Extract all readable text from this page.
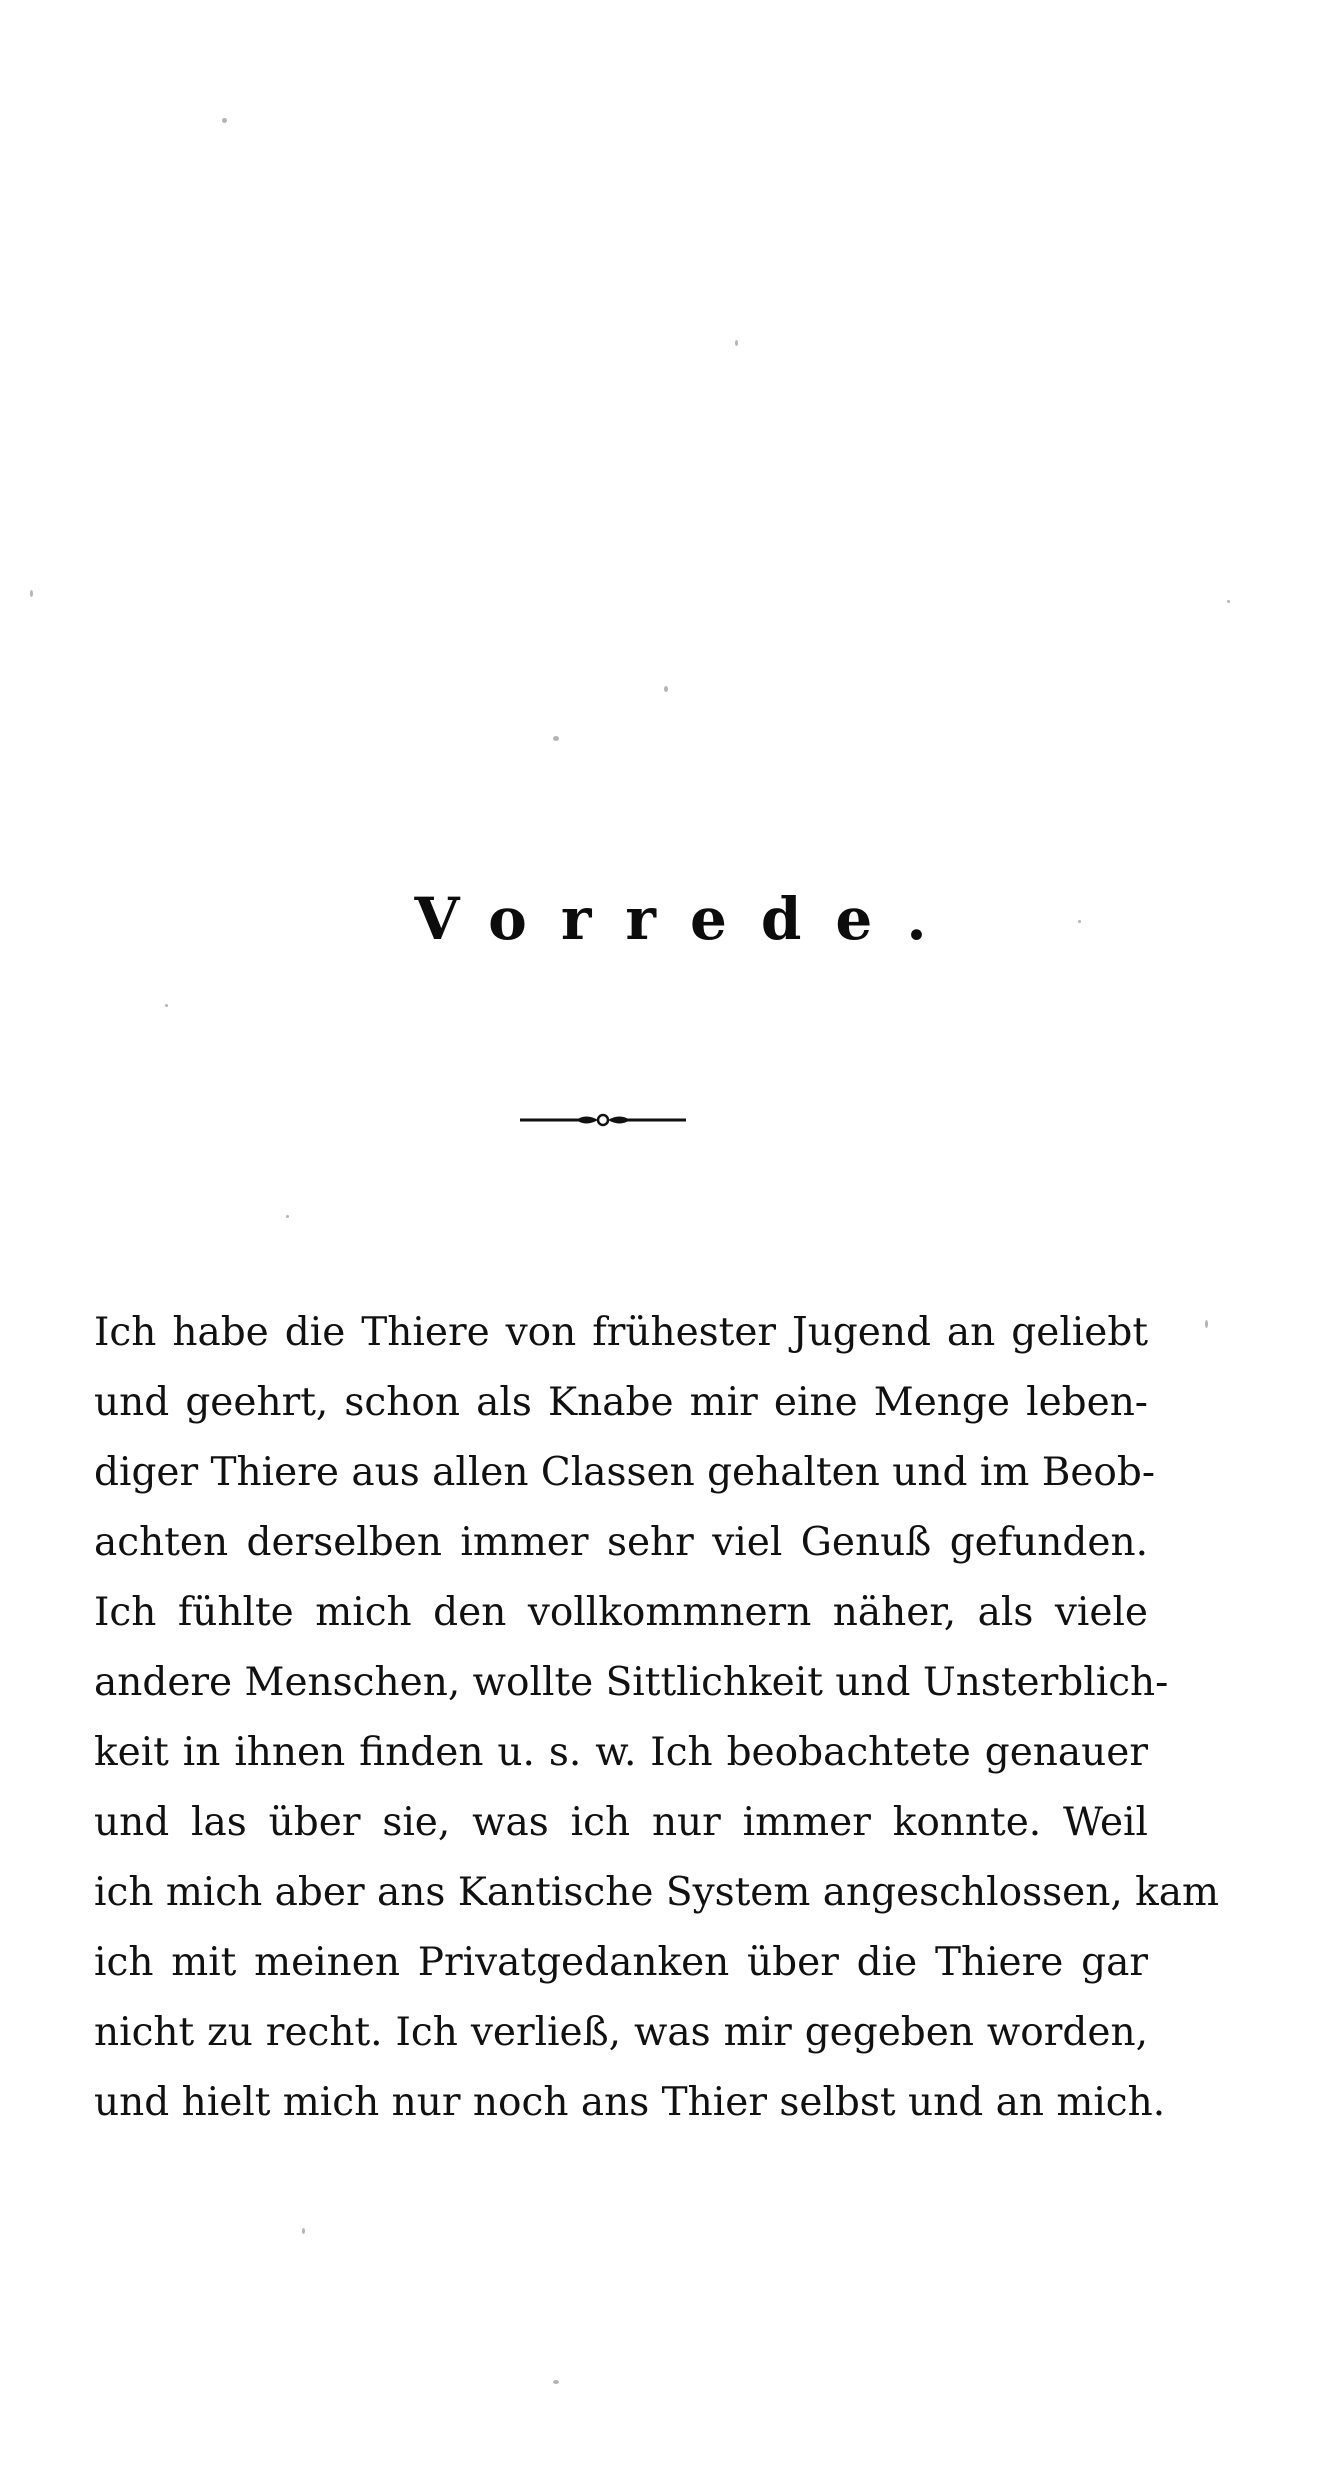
Vorrede.
Ich habe die Thiere von frühester Jugend an geliebt
und geehrt, schon als Knabe mir eine Menge leben-
diger Thiere aus allen Classen gehalten und im Beob-
achten derselben immer sehr viel Genuß gefunden.
Ich fühlte mich den vollkommnern näher, als viele
andere Menschen, wollte Sittlichkeit und Unsterblich-
keit in ihnen finden u. s. w. Ich beobachtete genauer
und las über sie, was ich nur immer konnte. Weil
ich mich aber ans Kantische System angeschlossen, kam
ich mit meinen Privatgedanken über die Thiere gar
nicht zu recht. Ich verließ, was mir gegeben worden,
und hielt mich nur noch ans Thier selbst und an mich.
